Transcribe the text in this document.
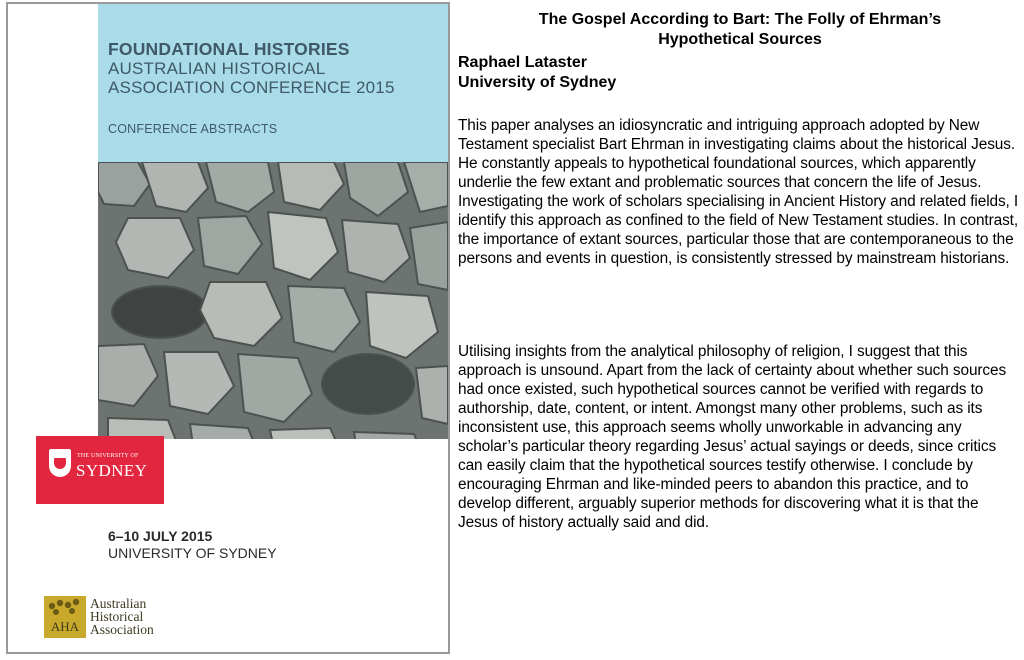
FOUNDATIONAL HISTORIES
AUSTRALIAN HISTORICAL
ASSOCIATION CONFERENCE 2015
CONFERENCE ABSTRACTS
THE UNIVERSITY OF
SYDNEY
6–10 JULY 2015
UNIVERSITY OF SYDNEY
AHA
Australian
Historical
Association
The Gospel According to Bart: The Folly of Ehrman’s
Hypothetical Sources
Raphael Lataster
University of Sydney

This paper analyses an idiosyncratic and intriguing approach adopted by New Testament specialist Bart Ehrman in investigating claims about the historical Jesus. He constantly appeals to hypothetical foundational sources, which apparently underlie the few extant and problematic sources that concern the life of Jesus. Investigating the work of scholars specialising in Ancient History and related fields, I identify this approach as confined to the field of New Testament studies. In contrast, the importance of extant sources, particular those that are contemporaneous to the persons and events in question, is consistently stressed by mainstream historians.

Utilising insights from the analytical philosophy of religion, I suggest that this approach is unsound. Apart from the lack of certainty about whether such sources had once existed, such hypothetical sources cannot be verified with regards to authorship, date, content, or intent. Amongst many other problems, such as its inconsistent use, this approach seems wholly unworkable in advancing any scholar’s particular theory regarding Jesus’ actual sayings or deeds, since critics can easily claim that the hypothetical sources testify otherwise. I conclude by encouraging Ehrman and like-minded peers to abandon this practice, and to develop different, arguably superior methods for discovering what it is that the Jesus of history actually said and did.
